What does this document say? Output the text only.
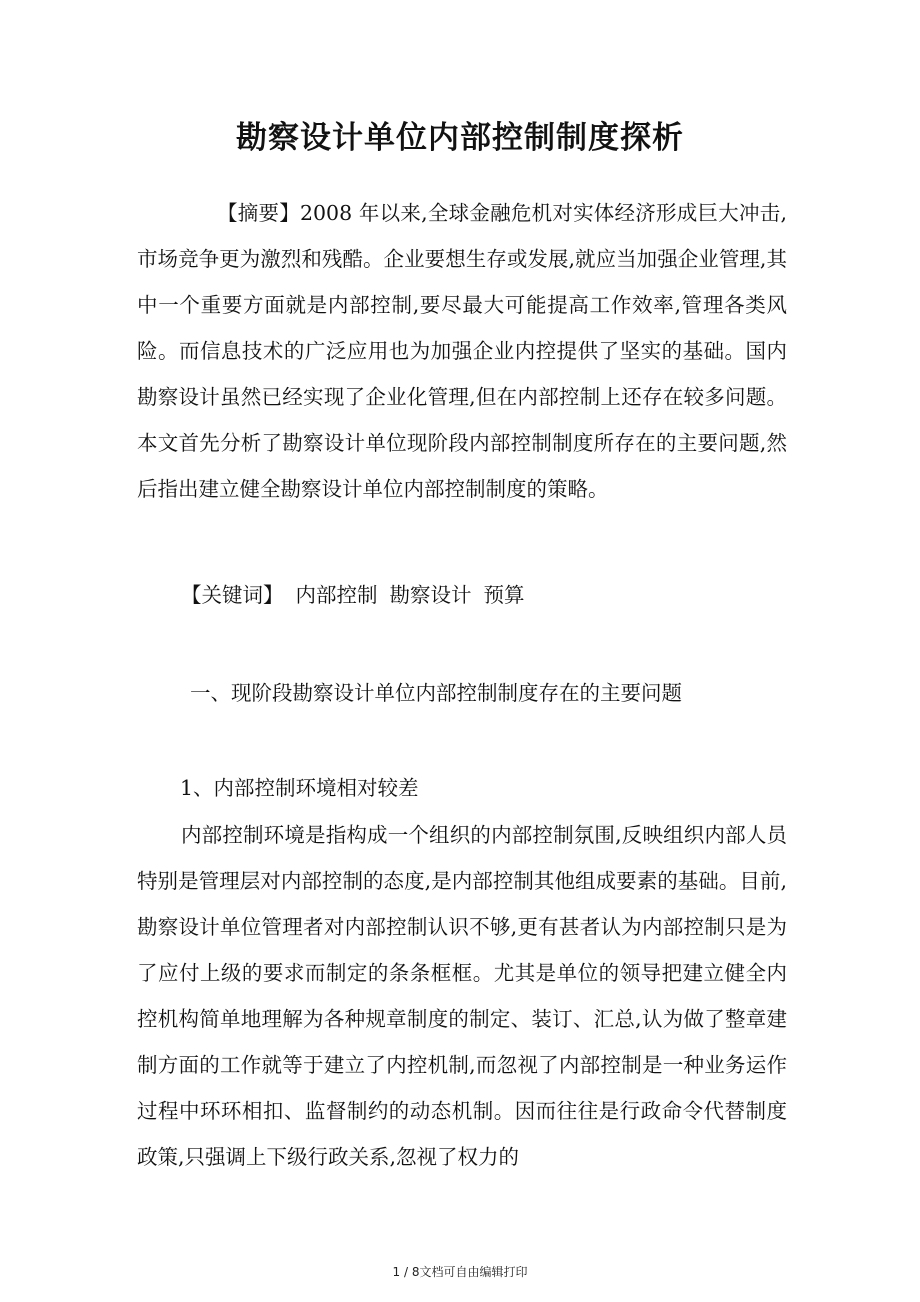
勘察设计单位内部控制制度探析

【摘要】2008 年以来,全球金融危机对实体经济形成巨大冲击,市场竞争更为激烈和残酷。企业要想生存或发展,就应当加强企业管理,其中一个重要方面就是内部控制,要尽最大可能提高工作效率,管理各类风险。而信息技术的广泛应用也为加强企业内控提供了坚实的基础。国内勘察设计虽然已经实现了企业化管理,但在内部控制上还存在较多问题。本文首先分析了勘察设计单位现阶段内部控制制度所存在的主要问题,然后指出建立健全勘察设计单位内部控制制度的策略。

【关键词】 内部控制 勘察设计 预算

一、现阶段勘察设计单位内部控制制度存在的主要问题
1、内部控制环境相对较差

内部控制环境是指构成一个组织的内部控制氛围,反映组织内部人员特别是管理层对内部控制的态度,是内部控制其他组成要素的基础。目前,勘察设计单位管理者对内部控制认识不够,更有甚者认为内部控制只是为了应付上级的要求而制定的条条框框。尤其是单位的领导把建立健全内控机构简单地理解为各种规章制度的制定、装订、汇总,认为做了整章建制方面的工作就等于建立了内控机制,而忽视了内部控制是一种业务运作过程中环环相扣、监督制约的动态机制。因而往往是行政命令代替制度政策,只强调上下级行政关系,忽视了权力的

1 / 8文档可自由编辑打印
